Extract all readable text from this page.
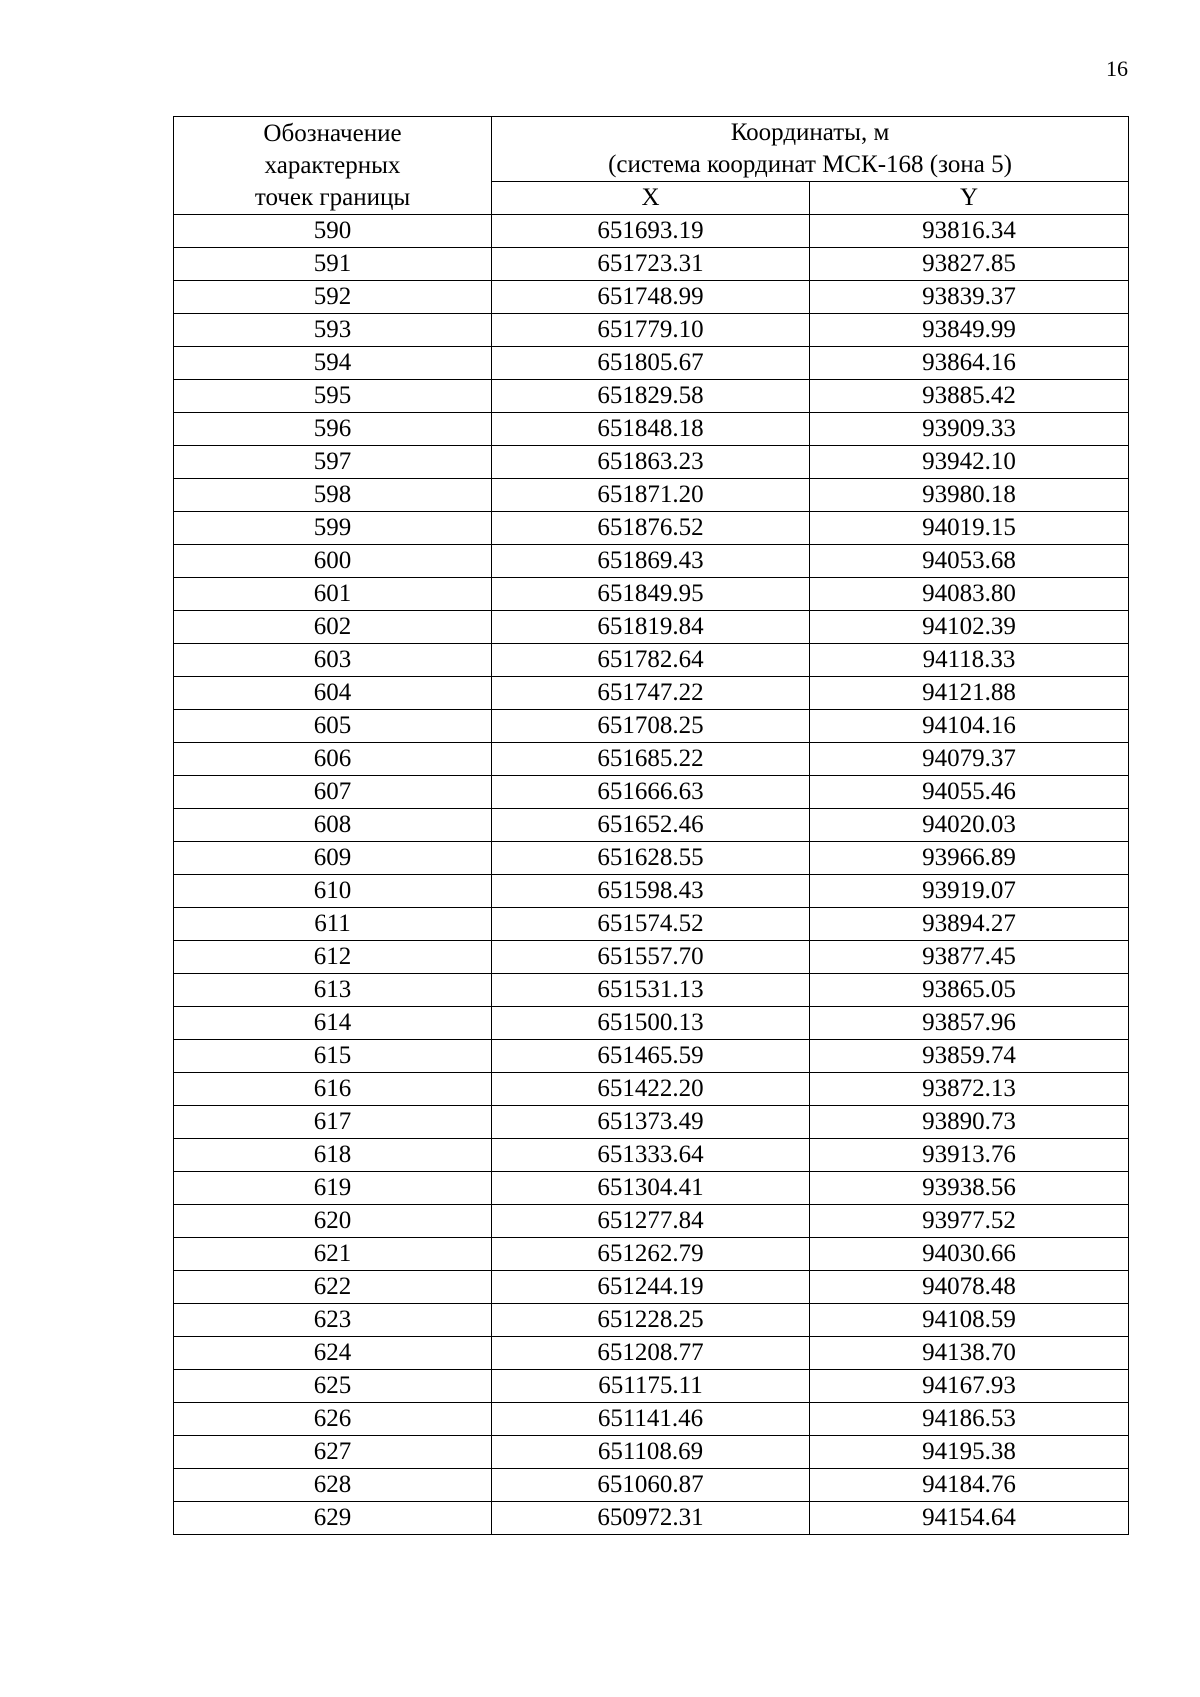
16
Обозначение
характерных
точек границы	Координаты, м
(система координат МСК-168 (зона 5)	

	X	Y
590	651693.19	93816.34
591	651723.31	93827.85
592	651748.99	93839.37
593	651779.10	93849.99
594	651805.67	93864.16
595	651829.58	93885.42
596	651848.18	93909.33
597	651863.23	93942.10
598	651871.20	93980.18
599	651876.52	94019.15
600	651869.43	94053.68
601	651849.95	94083.80
602	651819.84	94102.39
603	651782.64	94118.33
604	651747.22	94121.88
605	651708.25	94104.16
606	651685.22	94079.37
607	651666.63	94055.46
608	651652.46	94020.03
609	651628.55	93966.89
610	651598.43	93919.07
611	651574.52	93894.27
612	651557.70	93877.45
613	651531.13	93865.05
614	651500.13	93857.96
615	651465.59	93859.74
616	651422.20	93872.13
617	651373.49	93890.73
618	651333.64	93913.76
619	651304.41	93938.56
620	651277.84	93977.52
621	651262.79	94030.66
622	651244.19	94078.48
623	651228.25	94108.59
624	651208.77	94138.70
625	651175.11	94167.93
626	651141.46	94186.53
627	651108.69	94195.38
628	651060.87	94184.76
629	650972.31	94154.64
